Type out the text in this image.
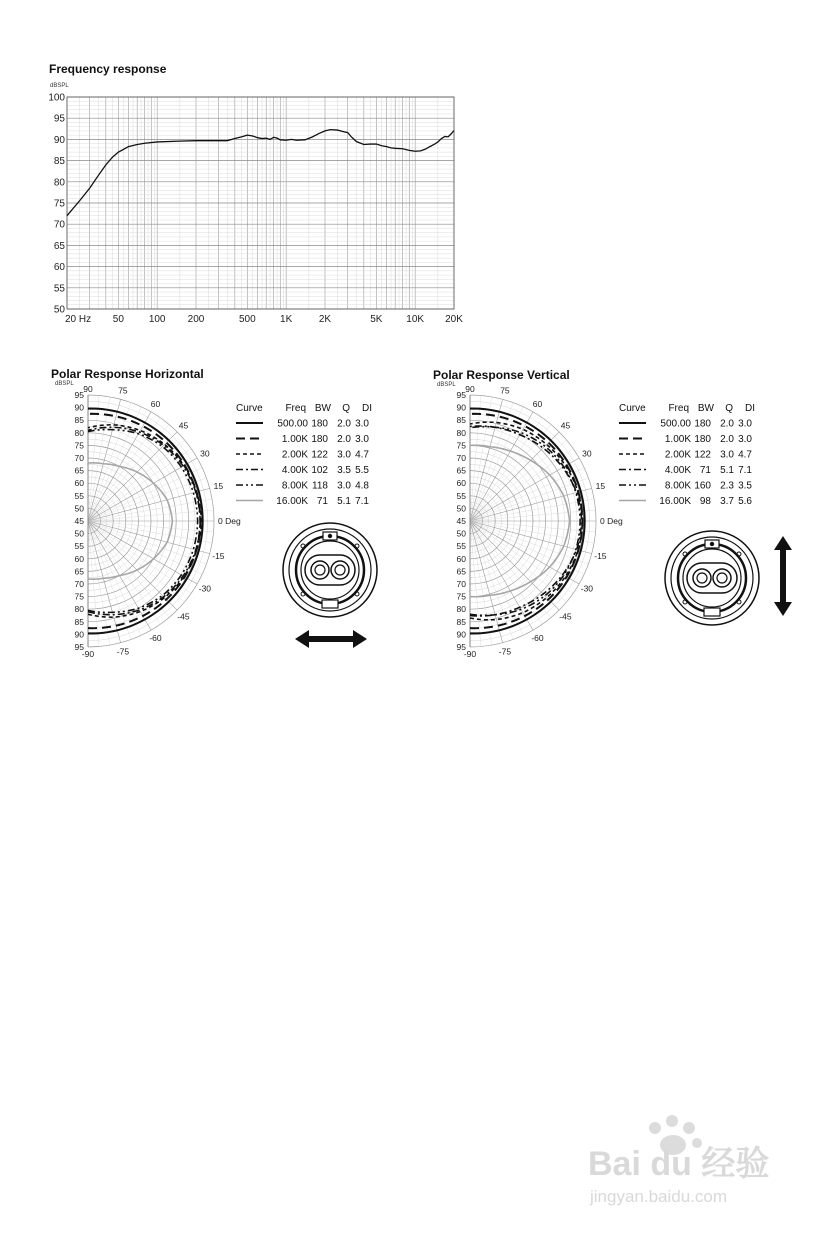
Frequency response
Polar Response Horizontal	Polar Response Vertical
dBSPL
100
95
90
85
80
75
70
65
60
55
50
20 Hz 50 100 200	500 1K	2K	5K 10K 20K
dBSPL
95
90
85
80
75
70
65
60
55
50
45
50
55
60
65
70
75
80
85
90
95
90	75
60
45
30
15
0 Deg
-15
-30
-45
-60
-75
-90
Curve Freq BW Q DI
500.00 180 2.0 3.0
1.00K 180 2.0 3.0
2.00K 122 3.0 4.7
4.00K 102 3.5 5.5
8.00K 118 3.0 4.8
16.00K 71 5.1 7.1
dBSPL
95
90
85
80
75
70
65
60
55
50
45
50
55
60
65
70
75
80
85
90
95
90	75
60
45
30
15
0 Deg
-15
-30
-45
-60
-75
-90
Curve Freq BW Q DI
500.00 180 2.0 3.0
1.00K 180 2.0 3.0
2.00K 122 3.0 4.7
4.00K 71 5.1 7.1
8.00K 160 2.3 3.5
16.00K 98 3.7 5.6
Bai du 经验
jingyan.baidu.com
